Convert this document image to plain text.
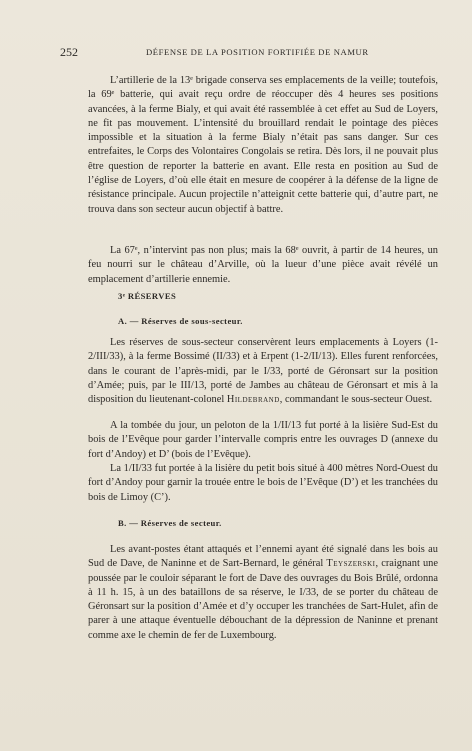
252	DÉFENSE DE LA POSITION FORTIFIÉE DE NAMUR

L’artillerie de la 13ᵉ brigade conserva ses emplacements de la veille; toutefois, la 69ᵉ batterie, qui avait reçu ordre de réoccuper dès 4 heures ses positions avancées, à la ferme Bialy, et qui avait été rassemblée à cet effet au Sud de Loyers, ne fit pas mouvement. L’intensité du brouillard rendait le pointage des pièces impossible et la situation à la ferme Bialy n’était pas sans danger. Sur ces entrefaites, le Corps des Volontaires Congolais se retira. Dès lors, il ne pouvait plus être question de reporter la batterie en avant. Elle resta en position au Sud de l’église de Loyers, d’où elle était en mesure de coopérer à la défense de la ligne de résistance principale. Aucun projectile n’atteignit cette batterie qui, d’autre part, ne trouva dans son secteur aucun objectif à battre.

La 67ᵉ, n’intervint pas non plus; mais la 68ᵉ ouvrit, à partir de 14 heures, un feu nourri sur le château d’Arville, où la lueur d’une pièce avait révélé un emplacement d’artillerie ennemie.

3ᵉ RÉSERVES

A. — Réserves de sous-secteur.

Les réserves de sous-secteur conservèrent leurs emplacements à Loyers (1-2/III/33), à la ferme Bossimé (II/33) et à Erpent (1-2/II/13). Elles furent renforcées, dans le courant de l’après-midi, par le I/33, porté de Géronsart sur la position d’Amée; puis, par le III/13, porté de Jambes au château de Géronsart et mis à la disposition du lieutenant-colonel Hildebrand, commandant le sous-secteur Ouest.

A la tombée du jour, un peloton de la 1/II/13 fut porté à la lisière Sud-Est du bois de l’Evêque pour garder l’intervalle compris entre les ouvrages D (annexe du fort d’Andoy) et D’ (bois de l’Evêque).

La 1/II/33 fut portée à la lisière du petit bois situé à 400 mètres Nord-Ouest du fort d’Andoy pour garnir la trouée entre le bois de l’Evêque (D’) et les tranchées du bois de Limoy (C’).

B. — Réserves de secteur.

Les avant-postes étant attaqués et l’ennemi ayant été signalé dans les bois au Sud de Dave, de Naninne et de Sart-Bernard, le général Teyszerski, craignant une poussée par le couloir séparant le fort de Dave des ouvrages du Bois Brûlé, ordonna à 11 h. 15, à un des bataillons de sa réserve, le I/33, de se porter du château de Géronsart sur la position d’Amée et d’y occuper les tranchées de Sart-Hulet, afin de parer à une attaque éventuelle débouchant de la dépression de Naninne et prenant comme axe le chemin de fer de Luxembourg.
